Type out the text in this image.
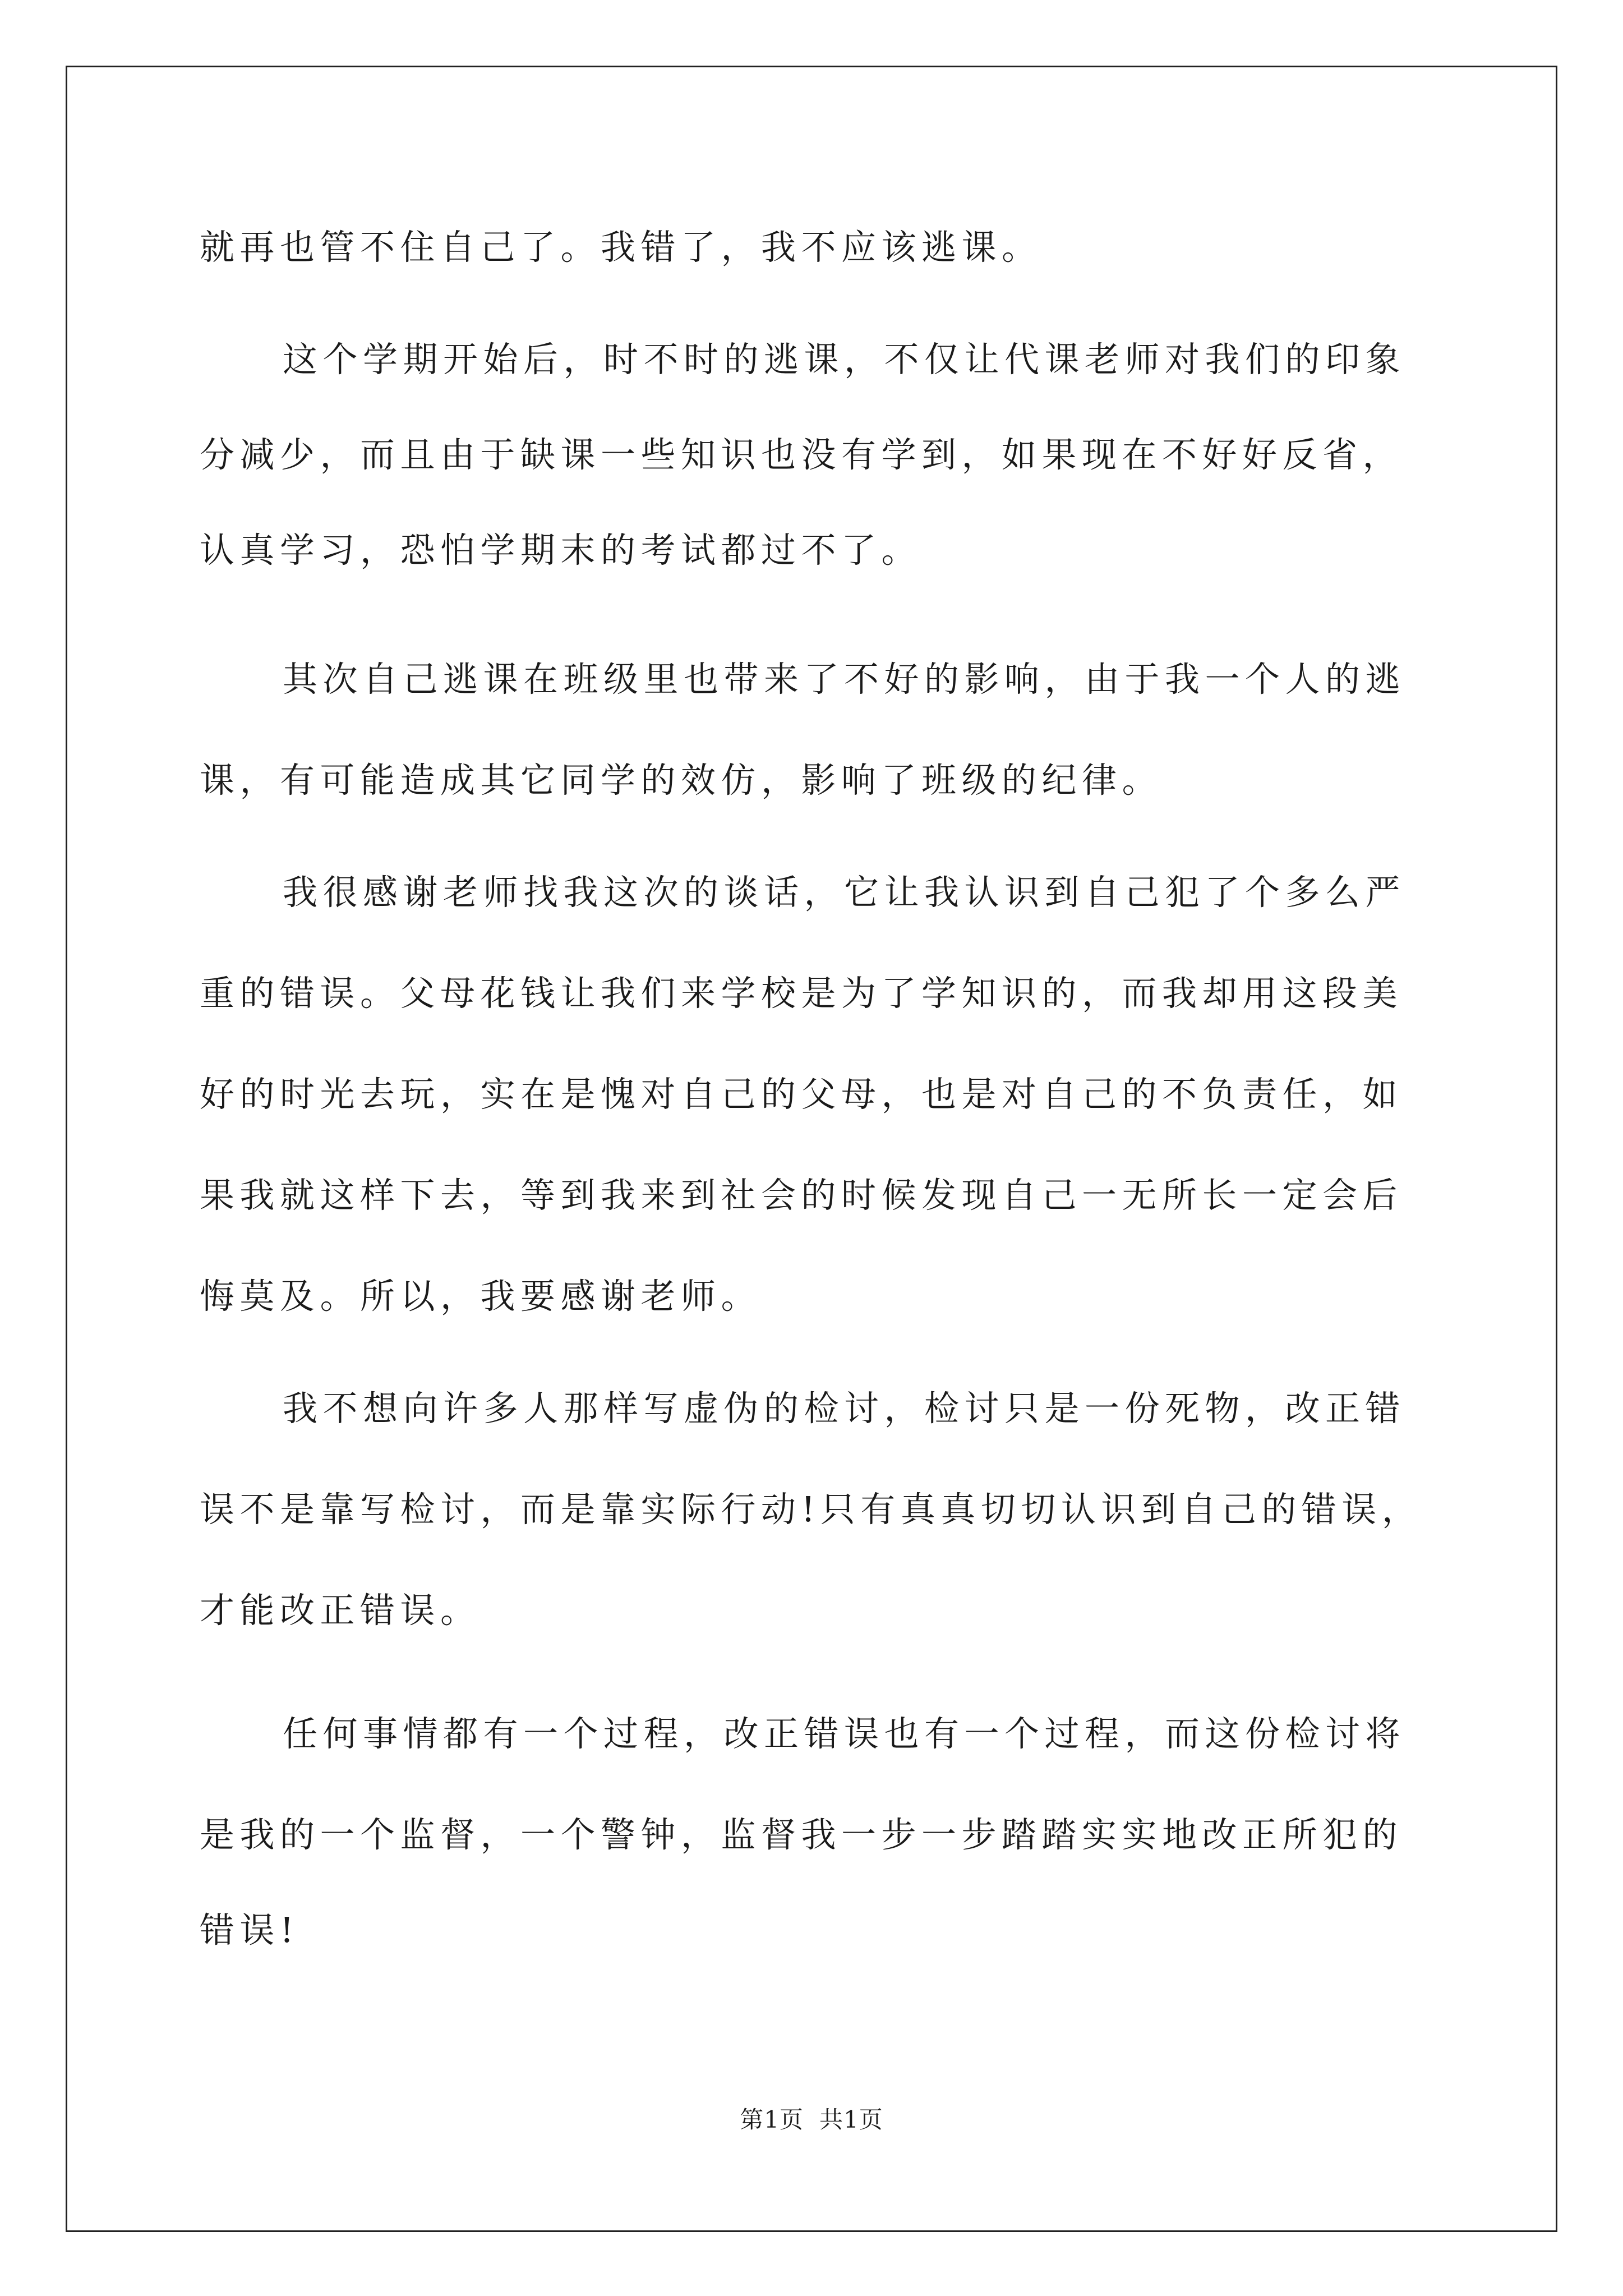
就再也管不住自己了。我错了，我不应该逃课。
这个学期开始后，时不时的逃课，不仅让代课老师对我们的印象
分减少，而且由于缺课一些知识也没有学到，如果现在不好好反省，
认真学习，恐怕学期末的考试都过不了。
其次自己逃课在班级里也带来了不好的影响，由于我一个人的逃
课，有可能造成其它同学的效仿，影响了班级的纪律。
我很感谢老师找我这次的谈话，它让我认识到自己犯了个多么严
重的错误。父母花钱让我们来学校是为了学知识的，而我却用这段美
好的时光去玩，实在是愧对自己的父母，也是对自己的不负责任，如
果我就这样下去，等到我来到社会的时候发现自己一无所长一定会后
悔莫及。所以，我要感谢老师。
我不想向许多人那样写虚伪的检讨，检讨只是一份死物，改正错
误不是靠写检讨，而是靠实际行动!只有真真切切认识到自己的错误，
才能改正错误。
任何事情都有一个过程，改正错误也有一个过程，而这份检讨将
是我的一个监督，一个警钟，监督我一步一步踏踏实实地改正所犯的
错误!
第1页 共1页
